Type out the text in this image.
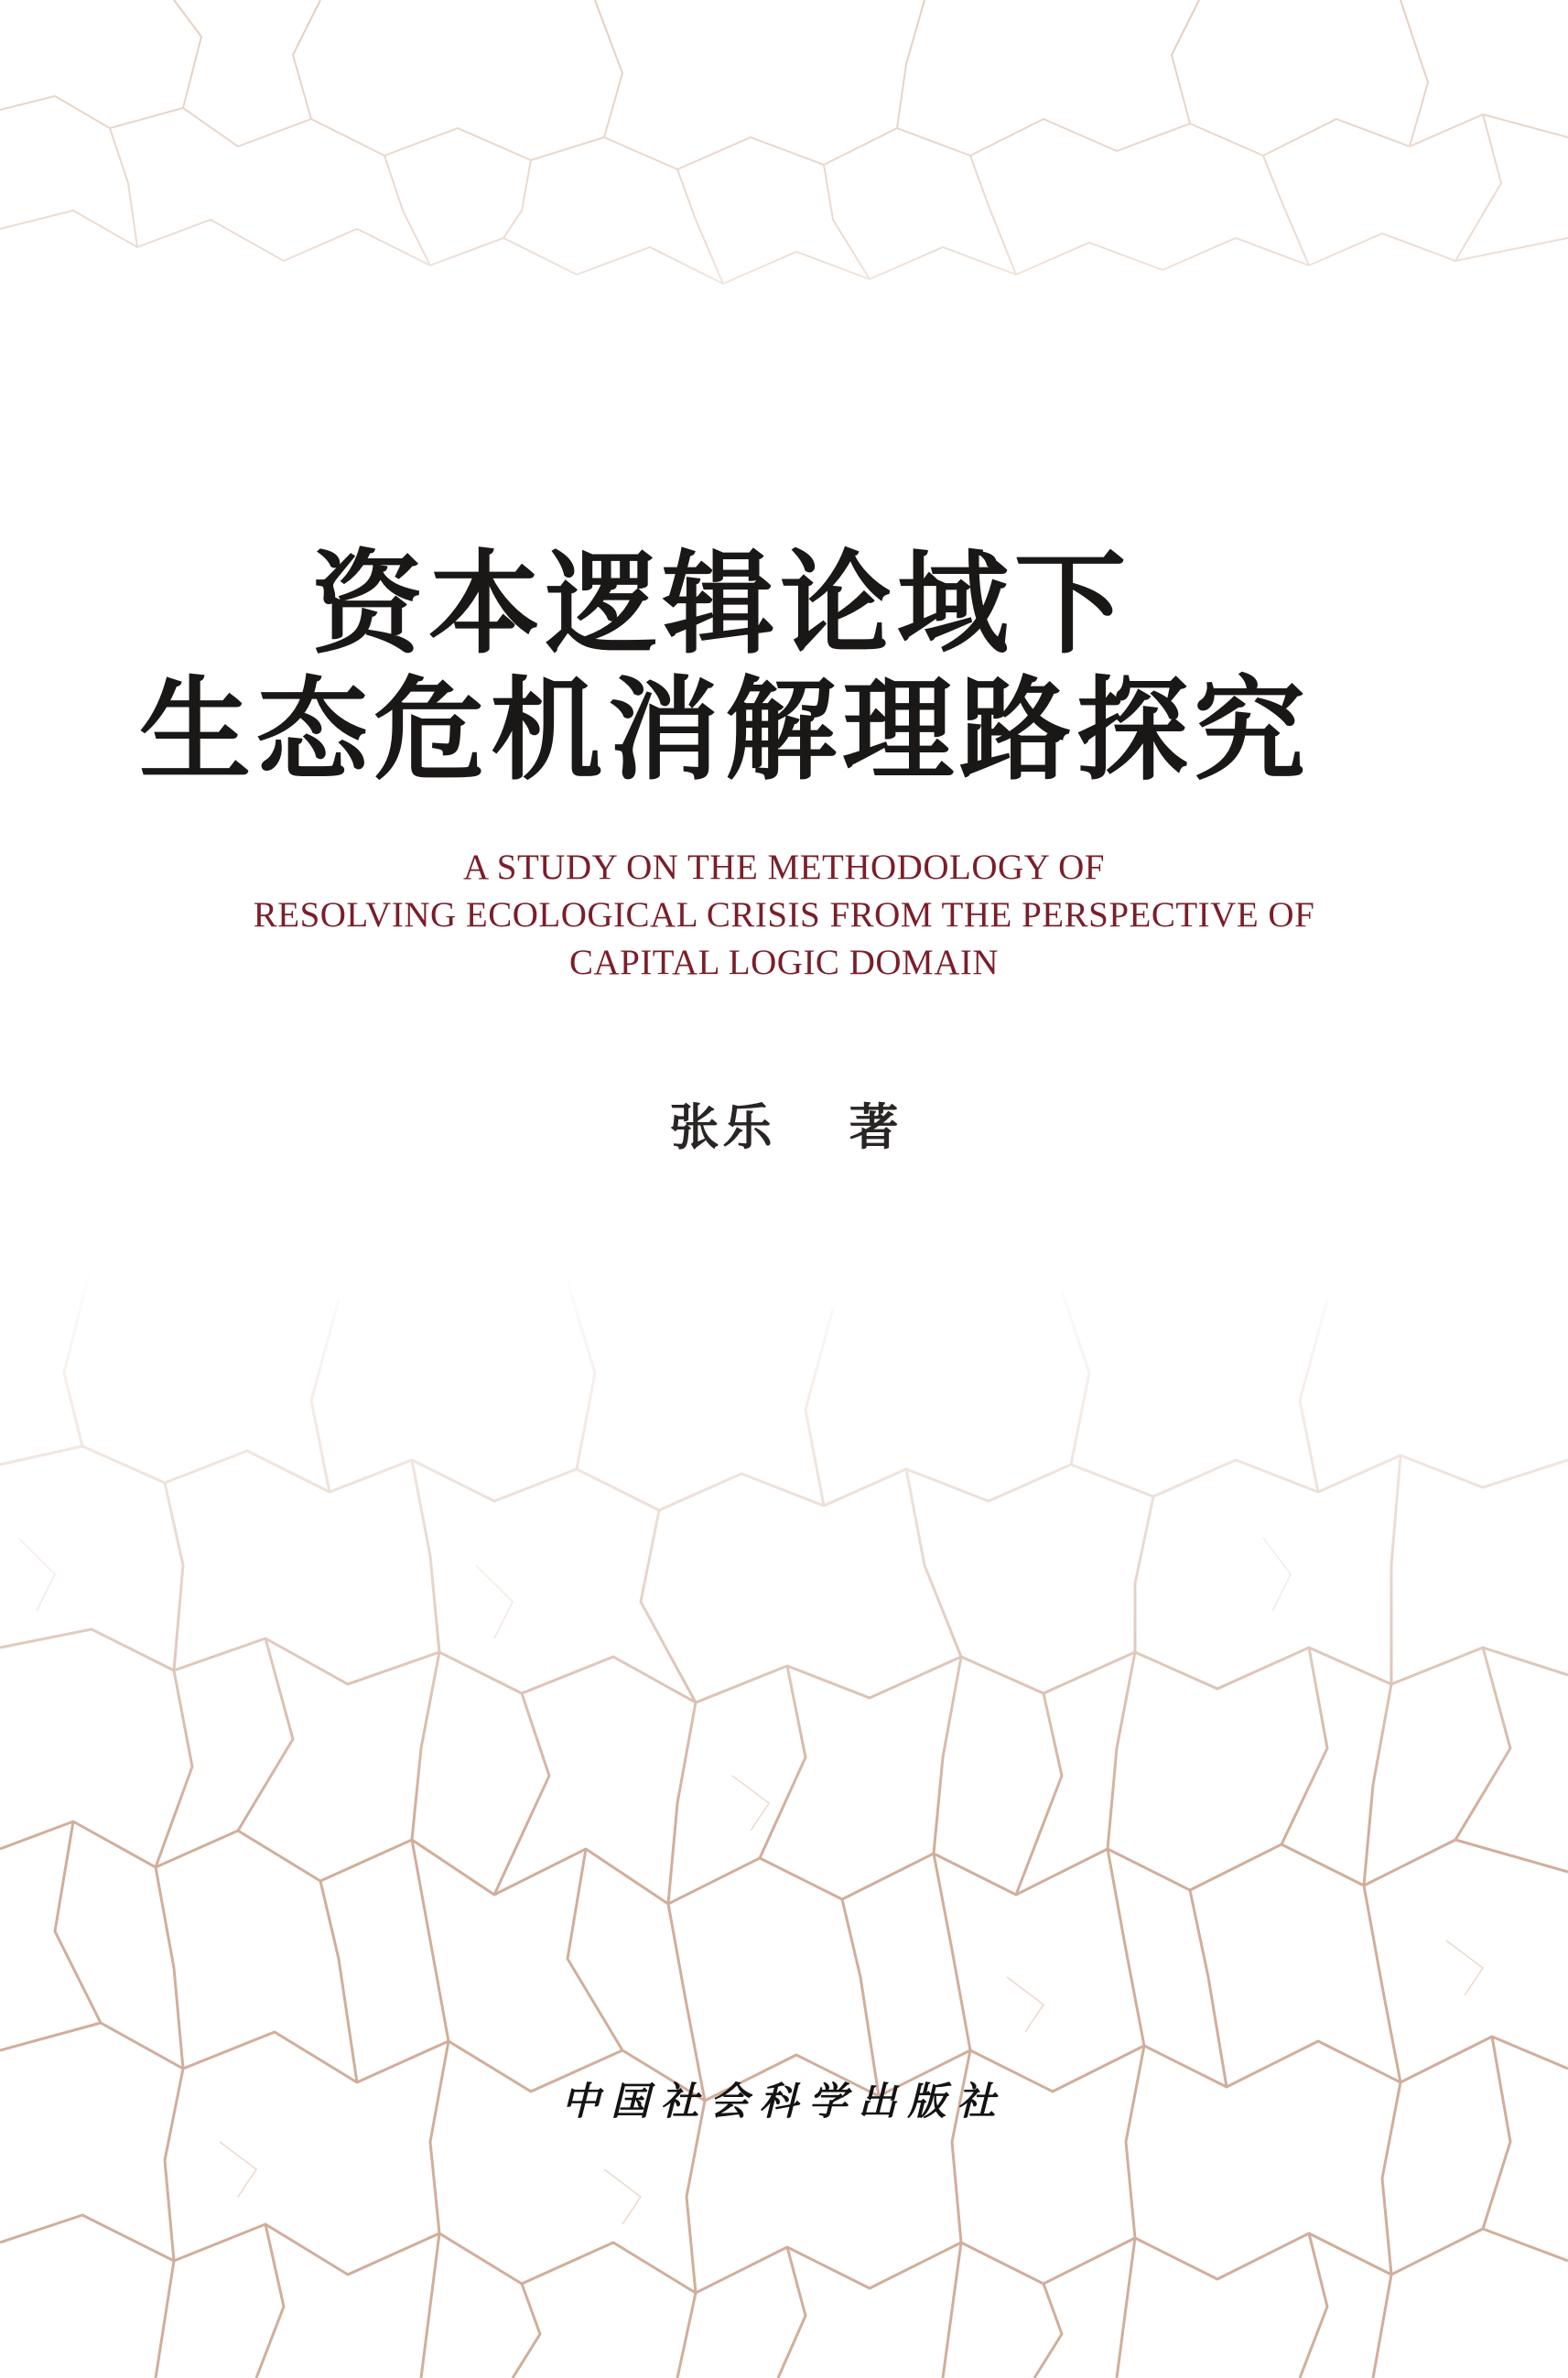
资本逻辑论域下
生态危机消解理路探究
A STUDY ON THE METHODOLOGY OF
RESOLVING ECOLOGICAL CRISIS FROM THE PERSPECTIVE OF
CAPITAL LOGIC DOMAIN
张乐 著
中国社会科学出版社
